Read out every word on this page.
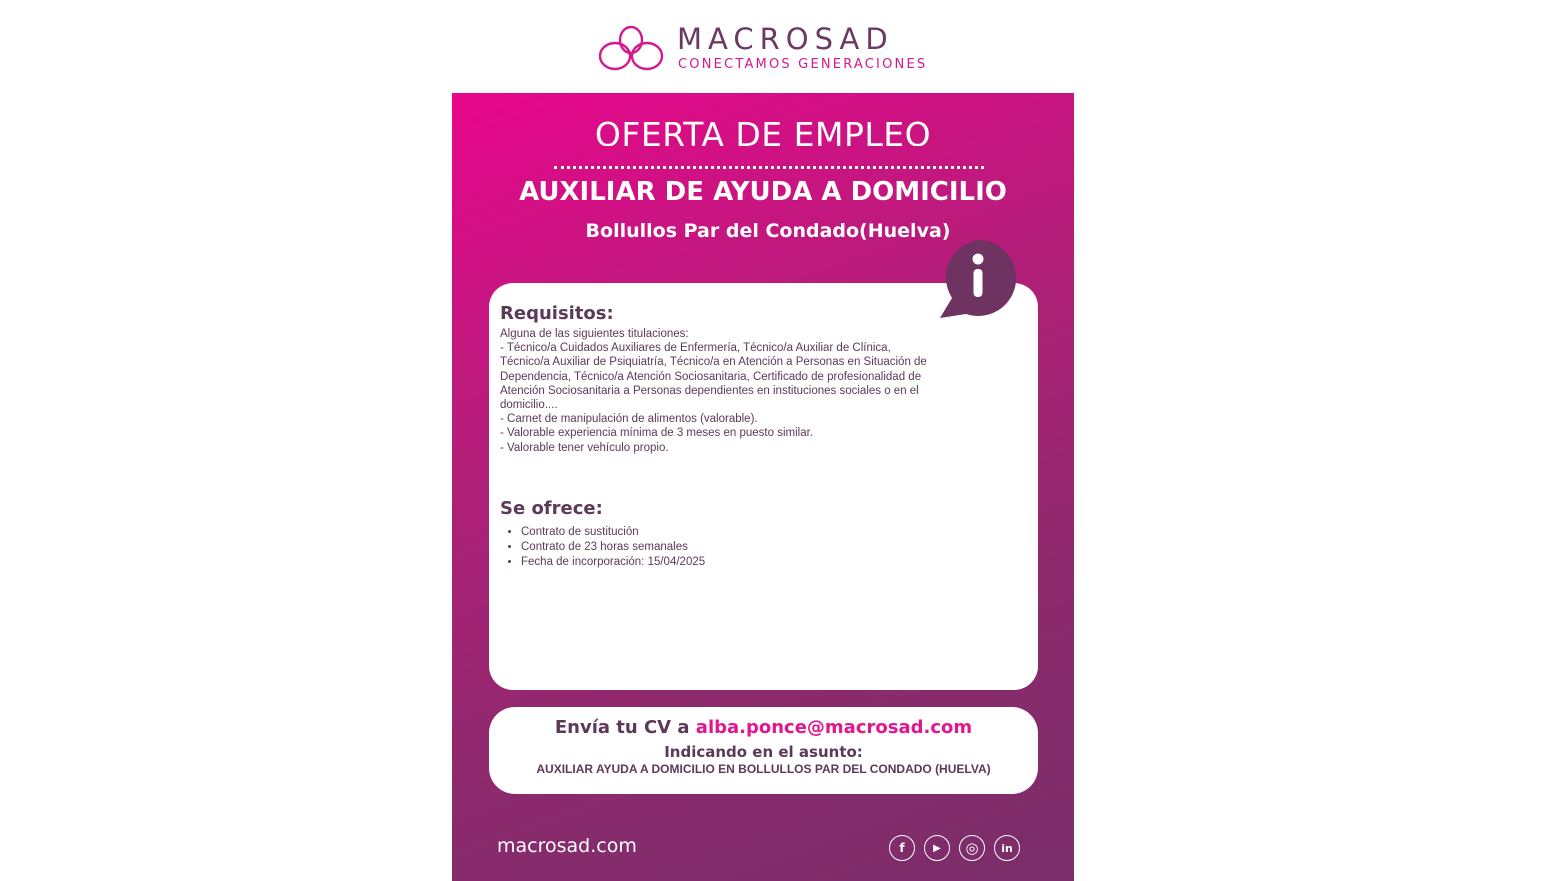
MACROSAD
CONECTAMOS GENERACIONES
OFERTA DE EMPLEO
AUXILIAR DE AYUDA A DOMICILIO
Bollullos Par del Condado(Huelva)
Requisitos:
Alguna de las siguientes titulaciones:
- Técnico/a Cuidados Auxiliares de Enfermería, Técnico/a Auxiliar de Clínica,
Técnico/a Auxiliar de Psiquiatría, Técnico/a en Atención a Personas en Situación de
Dependencia, Técnico/a Atención Sociosanitaria, Certificado de profesionalidad de
Atención Sociosanitaria a Personas dependientes en instituciones sociales o en el
domicilio....
- Carnet de manipulación de alimentos (valorable).
- Valorable experiencia mínima de 3 meses en puesto similar.
- Valorable tener vehículo propio.
Se ofrece:
• Contrato de sustitución
• Contrato de 23 horas semanales
• Fecha de incorporación: 15/04/2025
Envía tu CV a alba.ponce@macrosad.com
Indicando en el asunto:
AUXILIAR AYUDA A DOMICILIO EN BOLLULLOS PAR DEL CONDADO (HUELVA)
macrosad.com	f	▶ ◎ in
